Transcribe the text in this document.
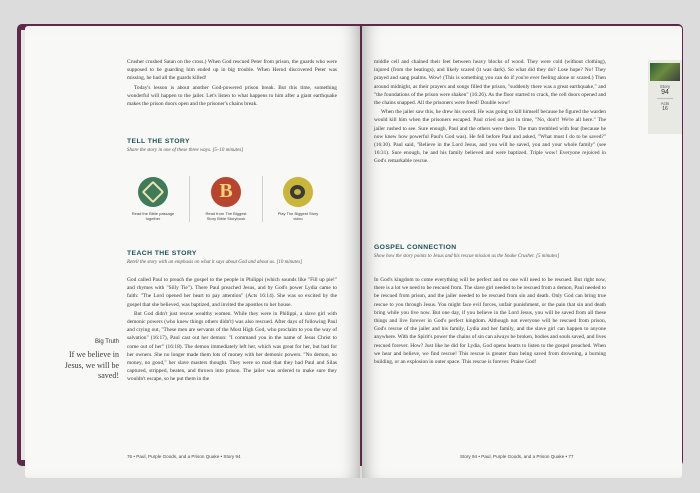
Crusher crushed Satan on the cross.) When God rescued Peter from prison, the guards who were supposed to be guarding him ended up in big trouble. When Herod discovered Peter was missing, he had all the guards killed!

Today's lesson is about another God-powered prison break. But this time, something wonderful will happen to the jailer. Let's listen to what happens to him after a giant earthquake makes the prison doors open and the prisoner's chains break.

TELL THE STORY
Share the story in one of these three ways. [5–10 minutes]
Read the Bible passage together
B
Read from The Biggest Story Bible Storybook
Play The Biggest Story video
TEACH THE STORY
Retell the story with an emphasis on what it says about God and about us. [10 minutes]

God called Paul to preach the gospel to the people in Philippi (which sounds like "Fill up pie!" and rhymes with "Silly Tie"). There Paul preached Jesus, and by God's power Lydia came to faith: "The Lord opened her heart to pay attention" (Acts 16:14). She was so excited by the gospel that she believed, was baptized, and invited the apostles to her house.

But God didn't just rescue wealthy women. While they were in Philippi, a slave girl with demonic powers (who knew things others didn't) was also rescued. After days of following Paul and crying out, "These men are servants of the Most High God, who proclaim to you the way of salvation" (16:17), Paul cast out her demon: "I command you in the name of Jesus Christ to come out of her" (16:18). The demon immediately left her, which was great for her, but bad for her owners. She no longer made them lots of money with her demonic powers. "No demon, no money, no good," her slave masters thought. They were so mad that they had Paul and Silas captured, stripped, beaten, and thrown into prison. The jailer was ordered to make sure they wouldn't escape, so he put them in the

Big Truth
If we believe in Jesus, we will be saved!
76 • Paul, Purple Goods, and a Prison Quake • Story 94

middle cell and chained their feet between heavy blocks of wood. They were cold (without clothing), injured (from the beatings), and likely scared (it was dark). So what did they do? Lose hope? No! They prayed and sang psalms. Wow! (This is something you can do if you're ever feeling alone or scared.) Then around midnight, as their prayers and songs filled the prison, "suddenly there was a great earthquake," and "the foundations of the prison were shaken" (16:26). As the floor started to crack, the cell doors opened and the chains snapped. All the prisoners were freed! Double wow!

When the jailer saw this, he drew his sword. He was going to kill himself because he figured the warden would kill him when the prisoners escaped. Paul cried out just in time, "No, don't! We're all here." The jailer rushed to see. Sure enough, Paul and the others were there. The man trembled with fear (because he now knew how powerful Paul's God was). He fell before Paul and asked, "What must I do to be saved?" (16:30). Paul said, "Believe in the Lord Jesus, and you will be saved, you and your whole family" (see 16:31). Sure enough, he and his family believed and were baptized. Triple wow! Everyone rejoiced in God's remarkable rescue.

GOSPEL CONNECTION
Show how the story points to Jesus and his rescue mission as the Snake Crusher. [5 minutes]

In God's kingdom to come everything will be perfect and no one will need to be rescued. But right now, there is a lot we need to be rescued from. The slave girl needed to be rescued from a demon, Paul needed to be rescued from prison, and the jailer needed to be rescued from sin and death. Only God can bring true rescue to you through Jesus. You might face evil forces, unfair punishment, or the pain that sin and death bring while you live now. But one day, if you believe in the Lord Jesus, you will be saved from all these things and live forever in God's perfect kingdom. Although not everyone will be rescued from prison, God's rescue of the jailer and his family, Lydia and her family, and the slave girl can happen to anyone anywhere. With the Spirit's power the chains of sin can always be broken, bodies and souls saved, and lives rescued forever. How? Just like he did for Lydia, God opens hearts to listen to the gospel preached. When we hear and believe, we find rescue! This rescue is greater than being saved from drowning, a burning building, or an explosion in outer space. This rescue is forever. Praise God!

Story
94
Acts
16
Story 94 • Paul, Purple Goods, and a Prison Quake • 77
